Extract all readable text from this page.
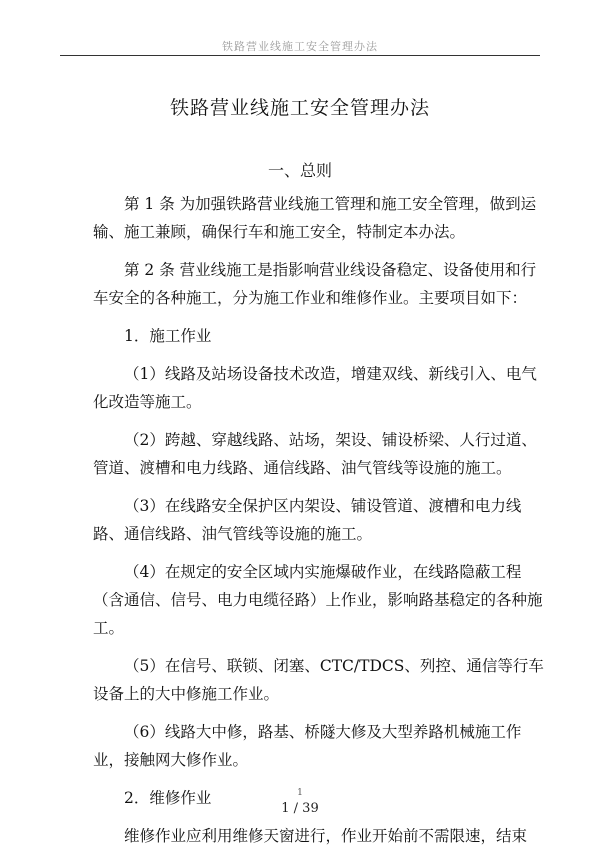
铁路营业线施工安全管理办法
铁路营业线施工安全管理办法
一、总则

第 1 条 为加强铁路营业线施工管理和施工安全管理，做到运输、施工兼顾，确保行车和施工安全，特制定本办法。

第 2 条 营业线施工是指影响营业线设备稳定、设备使用和行车安全的各种施工，分为施工作业和维修作业。主要项目如下：

1．施工作业

（1）线路及站场设备技术改造，增建双线、新线引入、电气化改造等施工。

（2）跨越、穿越线路、站场，架设、铺设桥梁、人行过道、管道、渡槽和电力线路、通信线路、油气管线等设施的施工。

（3）在线路安全保护区内架设、铺设管道、渡槽和电力线路、通信线路、油气管线等设施的施工。

（4）在规定的安全区域内实施爆破作业，在线路隐蔽工程（含通信、信号、电力电缆径路）上作业，影响路基稳定的各种施工。

（5）在信号、联锁、闭塞、CTC/TDCS、列控、通信等行车设备上的大中修施工作业。

（6）线路大中修，路基、桥隧大修及大型养路机械施工作业，接触网大修作业。

2．维修作业

维修作业应利用维修天窗进行，作业开始前不需限速，结束

1
1 / 39
